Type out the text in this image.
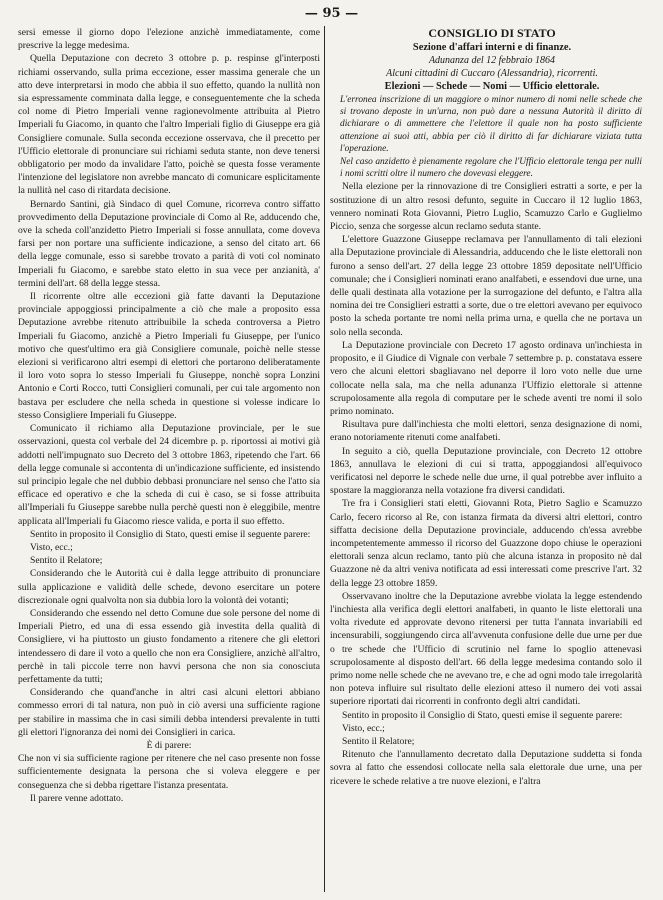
— 95 —

sersi emesse il giorno dopo l'elezione anzichè immediatamente, come prescrive la legge medesima.

Quella Deputazione con decreto 3 ottobre p. p. respinse gl'interposti richiami osservando, sulla prima eccezione, esser massima generale che un atto deve interpretarsi in modo che abbia il suo effetto, quando la nullità non sia espressamente comminata dalla legge, e conseguentemente che la scheda col nome di Pietro Imperiali venne ragionevolmente attribuita al Pietro Imperiali fu Giacomo, in quanto che l'altro Imperiali figlio di Giuseppe era già Consigliere comunale. Sulla seconda eccezione osservava, che il precetto per l'Ufficio elettorale di pronunciare sui richiami seduta stante, non deve tenersi obbligatorio per modo da invalidare l'atto, poichè se questa fosse veramente l'intenzione del legislatore non avrebbe mancato di comunicare esplicitamente la nullità nel caso di ritardata decisione.

Bernardo Santini, già Sindaco di quel Comune, ricorreva contro siffatto provvedimento della Deputazione provinciale di Como al Re, adducendo che, ove la scheda coll'anzidetto Pietro Imperiali si fosse annullata, come doveva farsi per non portare una sufficiente indicazione, a senso del citato art. 66 della legge comunale, esso si sarebbe trovato a parità di voti col nominato Imperiali fu Giacomo, e sarebbe stato eletto in sua vece per anzianità, a' termini dell'art. 68 della legge stessa.

Il ricorrente oltre alle eccezioni già fatte davanti la Deputazione provinciale appoggiossi principalmente a ciò che male a proposito essa Deputazione avrebbe ritenuto attribuibile la scheda controversa a Pietro Imperiali fu Giacomo, anzichè a Pietro Imperiali fu Giuseppe, per l'unico motivo che quest'ultimo era già Consigliere comunale, poichè nelle stesse elezioni si verificarono altri esempi di elettori che portarono deliberatamente il loro voto sopra lo stesso Imperiali fu Giuseppe, nonchè sopra Lonzini Antonio e Corti Rocco, tutti Consiglieri comunali, per cui tale argomento non bastava per escludere che nella scheda in questione si volesse indicare lo stesso Consigliere Imperiali fu Giuseppe.

Comunicato il richiamo alla Deputazione provinciale, per le sue osservazioni, questa col verbale del 24 dicembre p. p. riportossi ai motivi già addotti nell'impugnato suo Decreto del 3 ottobre 1863, ripetendo che l'art. 66 della legge comunale si accontenta di un'indicazione sufficiente, ed insistendo sul principio legale che nel dubbio debbasi pronunciare nel senso che l'atto sia efficace ed operativo e che la scheda di cui è caso, se si fosse attribuita all'Imperiali fu Giuseppe sarebbe nulla perchè questi non è eleggibile, mentre applicata all'Imperiali fu Giacomo riesce valida, e porta il suo effetto.

Sentito in proposito il Consiglio di Stato, questi emise il seguente parere:

Visto, ecc.;

Sentito il Relatore;

Considerando che le Autorità cui è dalla legge attribuito di pronunciare sulla applicazione e validità delle schede, devono esercitare un potere discrezionale ogni qualvolta non sia dubbia loro la volontà dei votanti;

Considerando che essendo nel detto Comune due sole persone del nome di Imperiali Pietro, ed una di essa essendo già investita della qualità di Consigliere, vi ha piuttosto un giusto fondamento a ritenere che gli elettori intendessero di dare il voto a quello che non era Consigliere, anzichè all'altro, perchè in tali piccole terre non havvi persona che non sia conosciuta perfettamente da tutti;

Considerando che quand'anche in altri casi alcuni elettori abbiano commesso errori di tal natura, non può in ciò aversi una sufficiente ragione per stabilire in massima che in casi simili debba intendersi prevalente in tutti gli elettori l'ignoranza dei nomi dei Consiglieri in carica.

È di parere:

Che non vi sia sufficiente ragione per ritenere che nel caso presente non fosse sufficientemente designata la persona che si voleva eleggere e per conseguenza che si debba rigettare l'istanza presentata.

Il parere venne adottato.

CONSIGLIO DI STATO

Sezione d'affari interni e di finanze.

Adunanza del 12 febbraio 1864

Alcuni cittadini di Cuccaro (Alessandria), ricorrenti.

Elezioni — Schede — Nomi — Ufficio elettorale.

L'erronea inscrizione di un maggiore o minor numero di nomi nelle schede che si trovano deposte in un'urna, non può dare a nessuna Autorità il diritto di dichiarare o di ammettere che l'elettore il quale non ha posto sufficiente attenzione ai suoi atti, abbia per ciò il diritto di far dichiarare viziata tutta l'operazione.

Nel caso anzidetto è pienamente regolare che l'Ufficio elettorale tenga per nulli i nomi scritti oltre il numero che dovevasi eleggere.

Nella elezione per la rinnovazione di tre Consiglieri estratti a sorte, e per la sostituzione di un altro resosi defunto, seguite in Cuccaro il 12 luglio 1863, vennero nominati Rota Giovanni, Pietro Luglio, Scamuzzo Carlo e Guglielmo Piccio, senza che sorgesse alcun reclamo seduta stante.

L'elettore Guazzone Giuseppe reclamava per l'annullamento di tali elezioni alla Deputazione provinciale di Alessandria, adducendo che le liste elettorali non furono a senso dell'art. 27 della legge 23 ottobre 1859 depositate nell'Ufficio comunale; che i Consiglieri nominati erano analfabeti, e essendovi due urne, una delle quali destinata alla votazione per la surrogazione del defunto, e l'altra alla nomina dei tre Consiglieri estratti a sorte, due o tre elettori avevano per equivoco posto la scheda portante tre nomi nella prima urna, e quella che ne portava un solo nella seconda.

La Deputazione provinciale con Decreto 17 agosto ordinava un'inchiesta in proposito, e il Giudice di Vignale con verbale 7 settembre p. p. constatava essere vero che alcuni elettori sbagliavano nel deporre il loro voto nelle due urne collocate nella sala, ma che nella adunanza l'Uffizio elettorale si attenne scrupolosamente alla regola di computare per le schede aventi tre nomi il solo primo nominato.

Risultava pure dall'inchiesta che molti elettori, senza designazione di nomi, erano notoriamente ritenuti come analfabeti.

In seguito a ciò, quella Deputazione provinciale, con Decreto 12 ottobre 1863, annullava le elezioni di cui si tratta, appoggiandosi all'equivoco verificatosi nel deporre le schede nelle due urne, il qual potrebbe aver influito a spostare la maggioranza nella votazione fra diversi candidati.

Tre fra i Consiglieri stati eletti, Giovanni Rota, Pietro Saglio e Scamuzzo Carlo, fecero ricorso al Re, con istanza firmata da diversi altri elettori, contro siffatta decisione della Deputazione provinciale, adducendo ch'essa avrebbe incompetentemente ammesso il ricorso del Guazzone dopo chiuse le operazioni elettorali senza alcun reclamo, tanto più che alcuna istanza in proposito nè dal Guazzone nè da altri veniva notificata ad essi interessati come prescrive l'art. 32 della legge 23 ottobre 1859.

Osservavano inoltre che la Deputazione avrebbe violata la legge estendendo l'inchiesta alla verifica degli elettori analfabeti, in quanto le liste elettorali una volta rivedute ed approvate devono ritenersi per tutta l'annata invariabili ed incensurabili, soggiungendo circa all'avvenuta confusione delle due urne per due o tre schede che l'Ufficio di scrutinio nel farne lo spoglio attenevasi scrupolosamente al disposto dell'art. 66 della legge medesima contando solo il primo nome nelle schede che ne avevano tre, e che ad ogni modo tale irregolarità non poteva influire sul risultato delle elezioni atteso il numero dei voti assai superiore riportati dai ricorrenti in confronto degli altri candidati.

Sentito in proposito il Consiglio di Stato, questi emise il seguente parere:

Visto, ecc.;

Sentito il Relatore;

Ritenuto che l'annullamento decretato dalla Deputazione suddetta si fonda sovra al fatto che essendosi collocate nella sala elettorale due urne, una per ricevere le schede relative a tre nuove elezioni, e l'altra
